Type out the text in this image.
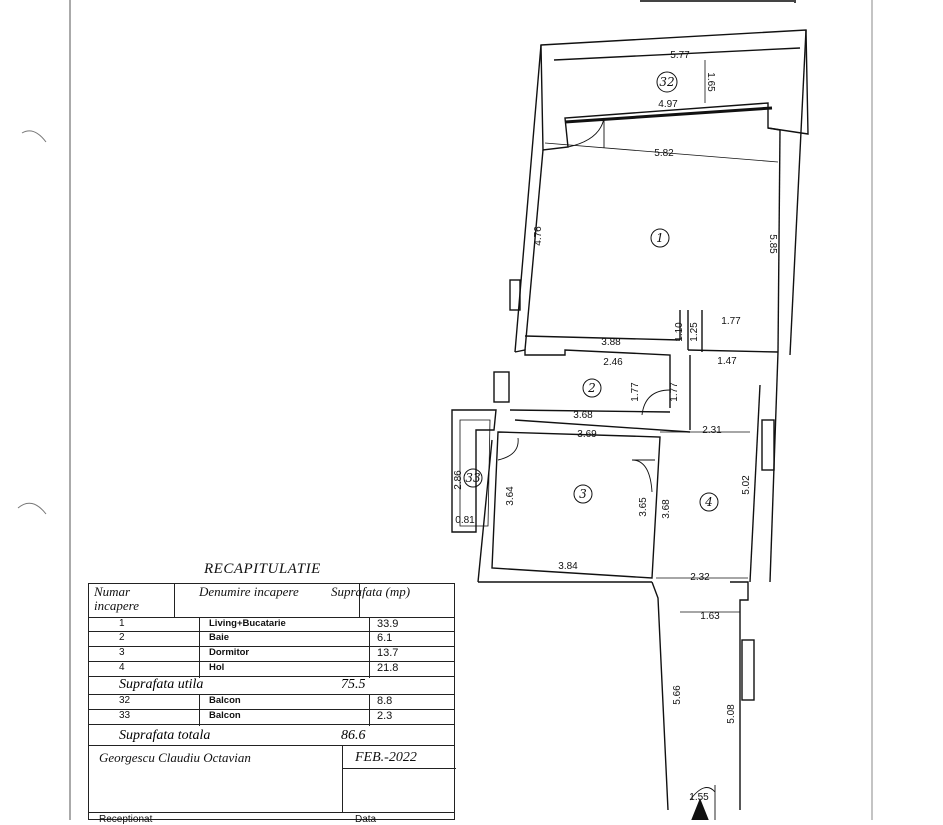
1
2
3
4
32
33
5.77
1.65
4.97
5.82
4.76	5.85
1.10 1.25
1.77
3.88
2.46	1.47
1.77	1.77
3.68
3.69	2.31
2.86
0.81
3.64
3.65 3.68
5.02
3.84
2.32
1.63
5.66
5.08
1.55
RECAPITULATIE
Numar incapere
Denumire incapere	Suprafata (mp)
1	Living+Bucatarie	33.9
2	Baie	6.1
3	Dormitor	13.7
4	Hol	21.8
Suprafata utila	75.5
32	Balcon	8.8
33	Balcon	2.3
Suprafata totala	86.6
Georgescu Claudiu Octavian	FEB.-2022
Receptionat	Data
